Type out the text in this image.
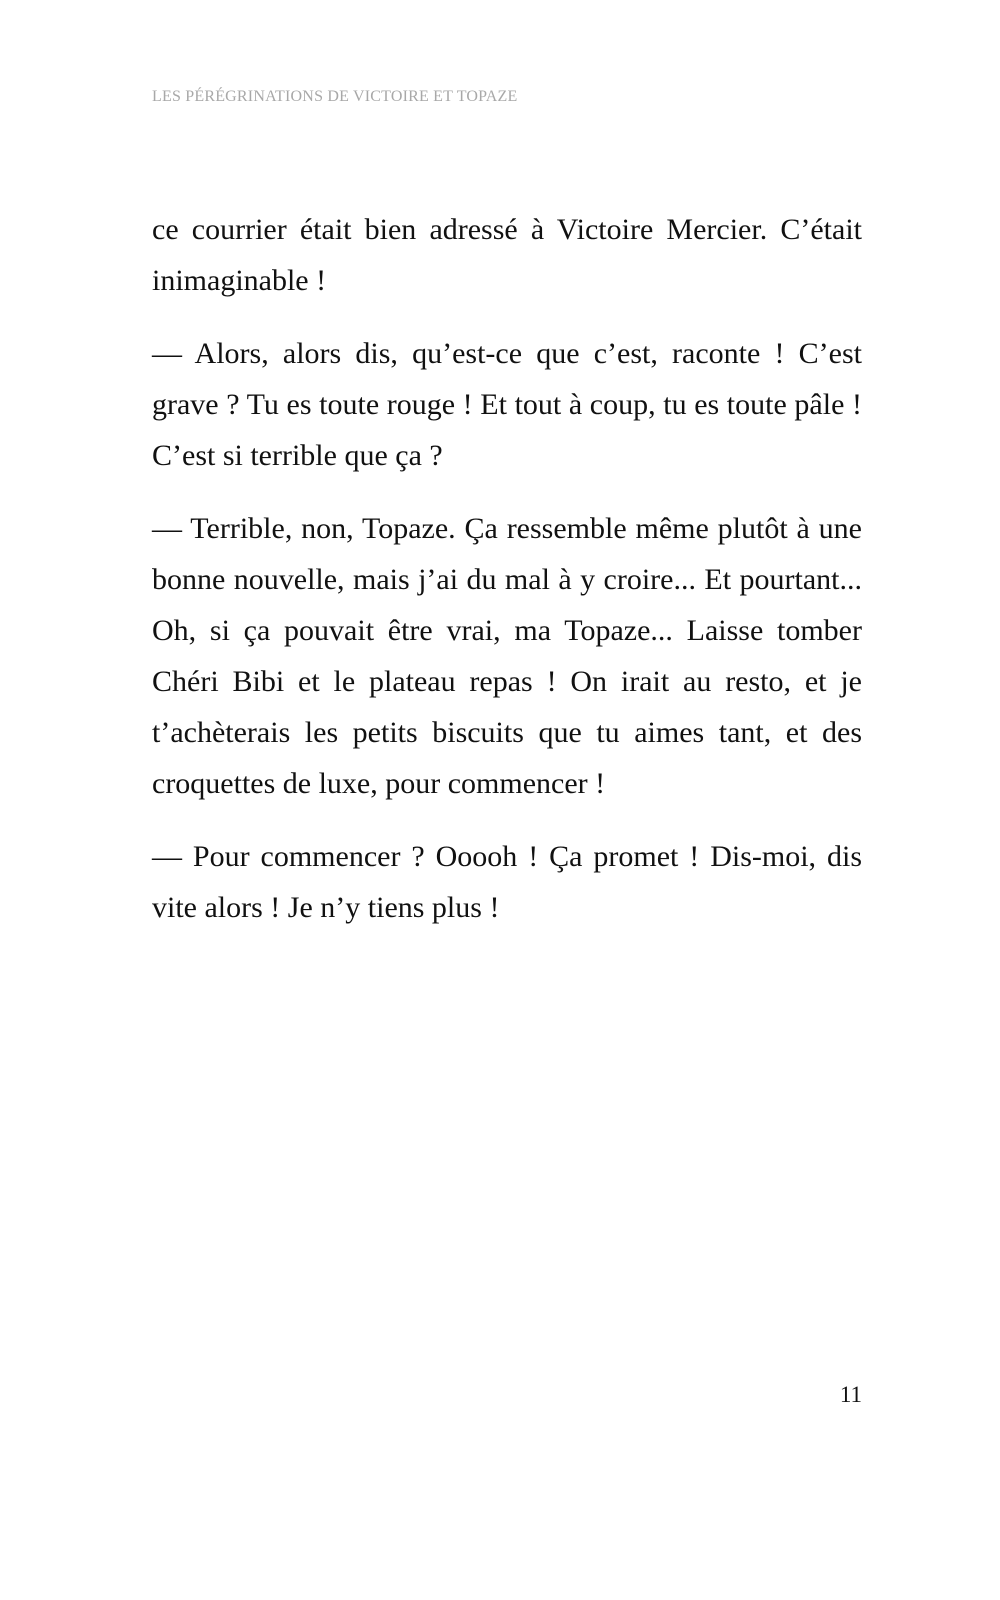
LES PÉRÉGRINATIONS DE VICTOIRE ET TOPAZE

ce courrier était bien adressé à Victoire Mercier. C’était inimaginable !

— Alors, alors dis, qu’est-ce que c’est, raconte ! C’est grave ? Tu es toute rouge ! Et tout à coup, tu es toute pâle ! C’est si terrible que ça ?

— Terrible, non, Topaze. Ça ressemble même plutôt à une bonne nouvelle, mais j’ai du mal à y croire... Et pourtant... Oh, si ça pouvait être vrai, ma Topaze... Laisse tomber Chéri Bibi et le plateau repas ! On irait au resto, et je t’achèterais les petits biscuits que tu aimes tant, et des croquettes de luxe, pour commencer !

— Pour commencer ? Ooooh ! Ça promet ! Dis-moi, dis vite alors ! Je n’y tiens plus !

11
